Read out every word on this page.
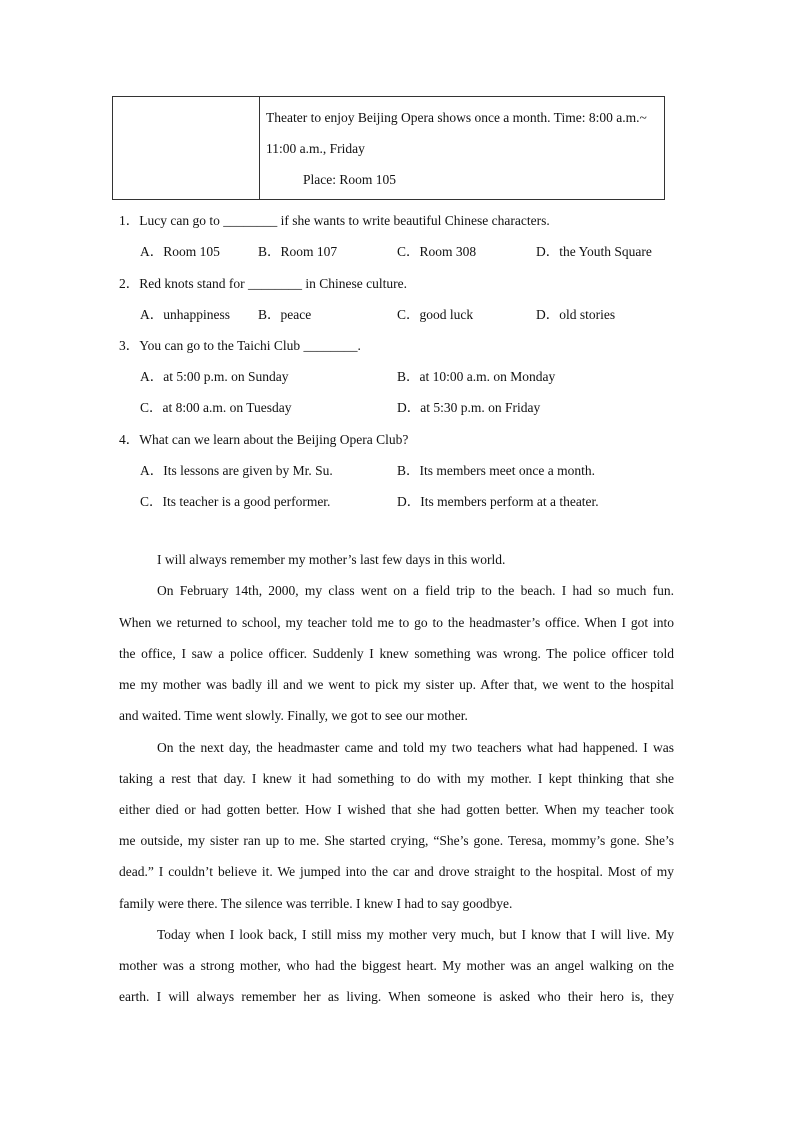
Theater to enjoy Beijing Opera shows once a month. Time: 8:00 a.m.~
11:00 a.m., Friday
Place: Room 105
1．Lucy can go to ________ if she wants to write beautiful Chinese characters.
A．Room 105	B．Room 107	C．Room 308	D．the Youth Square
2．Red knots stand for ________ in Chinese culture.
A．unhappiness B．peace	C．good luck	D．old stories
3．You can go to the Taichi Club ________.
A．at 5:00 p.m. on Sunday	B．at 10:00 a.m. on Monday
C．at 8:00 a.m. on Tuesday	D．at 5:30 p.m. on Friday
4．What can we learn about the Beijing Opera Club?
A．Its lessons are given by Mr. Su.	B．Its members meet once a month.
C．Its teacher is a good performer.	D．Its members perform at a theater.
I will always remember my mother’s last few days in this world.
On February 14th, 2000, my class went on a field trip to the beach. I had so much fun.
When we returned to school, my teacher told me to go to the headmaster’s office. When I got into
the office, I saw a police officer. Suddenly I knew something was wrong. The police officer told
me my mother was badly ill and we went to pick my sister up. After that, we went to the hospital
and waited. Time went slowly. Finally, we got to see our mother.
On the next day, the headmaster came and told my two teachers what had happened. I was
taking a rest that day. I knew it had something to do with my mother. I kept thinking that she
either died or had gotten better. How I wished that she had gotten better. When my teacher took
me outside, my sister ran up to me. She started crying, “She’s gone. Teresa, mommy’s gone. She’s
dead.” I couldn’t believe it. We jumped into the car and drove straight to the hospital. Most of my
family were there. The silence was terrible. I knew I had to say goodbye.
Today when I look back, I still miss my mother very much, but I know that I will live. My
mother was a strong mother, who had the biggest heart. My mother was an angel walking on the
earth. I will always remember her as living. When someone is asked who their hero is, they
